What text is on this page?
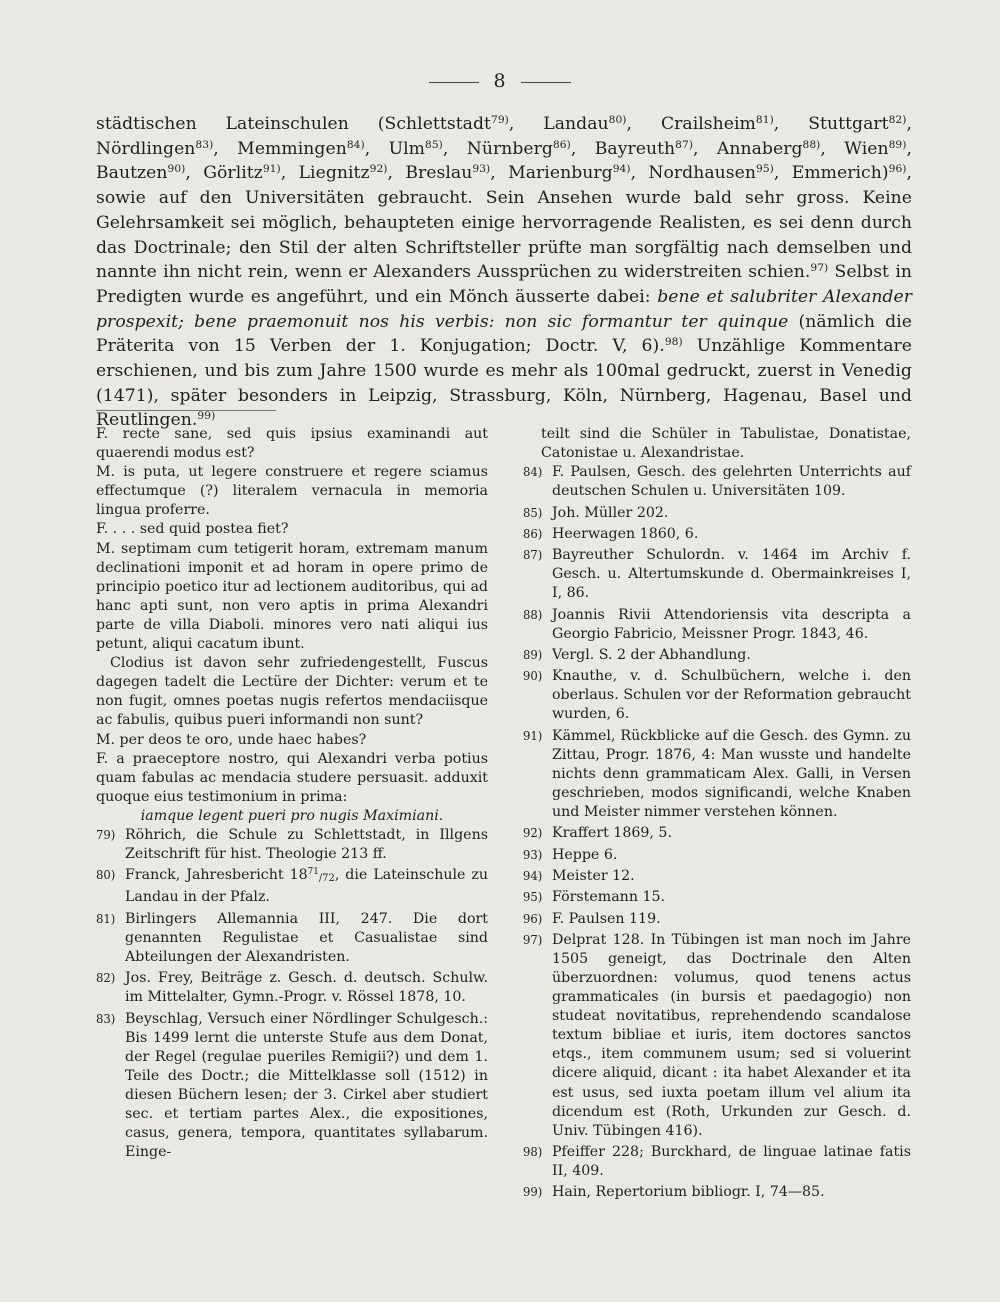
8

städtischen Lateinschulen (Schlettstadt$^{79)}$, Landau$^{80)}$, Crailsheim$^{81)}$, Stuttgart$^{82)}$, Nördlingen$^{83)}$, Memmingen$^{84)}$, Ulm$^{85)}$, Nürnberg$^{86)}$, Bayreuth$^{87)}$, Annaberg$^{88)}$, Wien$^{89)}$, Bautzen$^{90)}$, Görlitz$^{91)}$, Liegnitz$^{92)}$, Breslau$^{93)}$, Marienburg$^{94)}$, Nordhausen$^{95)}$, Emmerich)$^{96)}$, sowie auf den Universitäten gebraucht. Sein Ansehen wurde bald sehr gross. Keine Gelehrsamkeit sei möglich, behaupteten einige hervorragende Realisten, es sei denn durch das Doctrinale; den Stil der alten Schriftsteller prüfte man sorgfältig nach demselben und nannte ihn nicht rein, wenn er Alexanders Aussprüchen zu widerstreiten schien.$^{97)}$ Selbst in Predigten wurde es angeführt, und ein Mönch äusserte dabei: bene et salubriter Alexander prospexit; bene praemonuit nos his verbis: non sic formantur ter quinque (nämlich die Präterita von 15 Verben der 1. Konjugation; Doctr. V, 6).$^{98)}$ Unzählige Kommentare erschienen, und bis zum Jahre 1500 wurde es mehr als 100mal gedruckt, zuerst in Venedig (1471), später besonders in Leipzig, Strassburg, Köln, Nürnberg, Hagenau, Basel und Reutlingen.$^{99)}$

F. recte sane, sed quis ipsius examinandi aut quaerendi modus est?

M. is puta, ut legere construere et regere sciamus effectumque (?) literalem vernacula in memoria lingua proferre.

F. . . . sed quid postea fiet?

M. septimam cum tetigerit horam, extremam manum declinationi imponit et ad horam in opere primo de principio poetico itur ad lectionem auditoribus, qui ad hanc apti sunt, non vero aptis in prima Alexandri parte de villa Diaboli. minores vero nati aliqui ius petunt, aliqui cacatum ibunt.

Clodius ist davon sehr zufriedengestellt, Fuscus dagegen tadelt die Lectüre der Dichter: verum et te non fugit, omnes poetas nugis refertos mendaciisque ac fabulis, quibus pueri informandi non sunt?

M. per deos te oro, unde haec habes?

F. a praeceptore nostro, qui Alexandri verba potius quam fabulas ac mendacia studere persuasit. adduxit quoque eius testimonium in prima:

iamque legent pueri pro nugis Maximiani.

79) Röhrich, die Schule zu Schlettstadt, in Illgens Zeitschrift für hist. Theologie 213 ff.
80) Franck, Jahresbericht $18^{71}/72$, die Lateinschule zu Landau in der Pfalz.
81) Birlingers Allemannia III, 247. Die dort genannten Regulistae et Casualistae sind Abteilungen der Alexandristen.
82) Jos. Frey, Beiträge z. Gesch. d. deutsch. Schulw. im Mittelalter, Gymn.-Progr. v. Rössel 1878, 10.
83) Beyschlag, Versuch einer Nördlinger Schulgesch.: Bis 1499 lernt die unterste Stufe aus dem Donat, der Regel (regulae pueriles Remigii?) und dem 1. Teile des Doctr.; die Mittelklasse soll (1512) in diesen Büchern lesen; der 3. Cirkel aber studiert sec. et tertiam partes Alex., die expositiones, casus, genera, tempora, quantitates syllabarum. Einge-

teilt sind die Schüler in Tabulistae, Donatistae, Catonistae u. Alexandristae.

84) F. Paulsen, Gesch. des gelehrten Unterrichts auf deutschen Schulen u. Universitäten 109.
85) Joh. Müller 202.
86) Heerwagen 1860, 6.
87) Bayreuther Schulordn. v. 1464 im Archiv f. Gesch. u. Altertumskunde d. Obermainkreises I, I, 86.
88) Joannis Rivii Attendoriensis vita descripta a Georgio Fabricio, Meissner Progr. 1843, 46.
89) Vergl. S. 2 der Abhandlung.
90) Knauthe, v. d. Schulbüchern, welche i. den oberlaus. Schulen vor der Reformation gebraucht wurden, 6.
91) Kämmel, Rückblicke auf die Gesch. des Gymn. zu Zittau, Progr. 1876, 4: Man wusste und handelte nichts denn grammaticam Alex. Galli, in Versen geschrieben, modos significandi, welche Knaben und Meister nimmer verstehen können.
92) Kraffert 1869, 5.
93) Heppe 6.
94) Meister 12.
95) Förstemann 15.
96) F. Paulsen 119.
97) Delprat 128. In Tübingen ist man noch im Jahre 1505 geneigt, das Doctrinale den Alten überzuordnen: volumus, quod tenens actus grammaticales (in bursis et paedagogio) non studeat novitatibus, reprehendendo scandalose textum bibliae et iuris, item doctores sanctos etqs., item communem usum; sed si voluerint dicere aliquid, dicant : ita habet Alexander et ita est usus, sed iuxta poetam illum vel alium ita dicendum est (Roth, Urkunden zur Gesch. d. Univ. Tübingen 416).
98) Pfeiffer 228; Burckhard, de linguae latinae fatis II, 409.
99) Hain, Repertorium bibliogr. I, 74—85.
